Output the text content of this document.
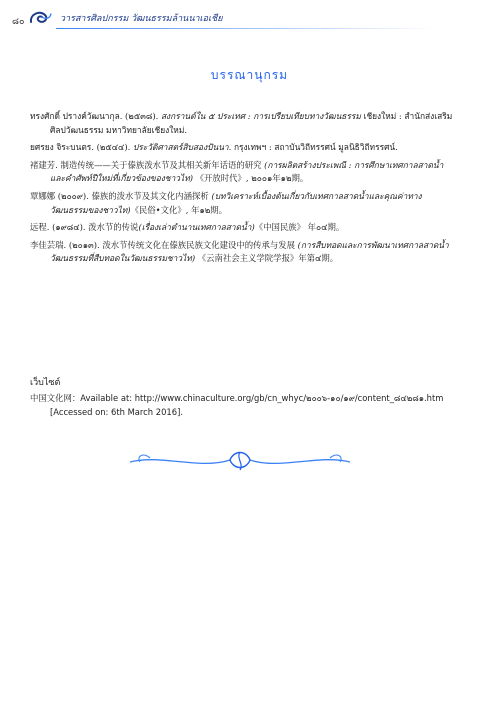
๘๐	วารสารศิลปกรรม วัฒนธรรมล้านนาเอเชีย
บรรณานุกรม
ทรงศักดิ์ ปรางค์วัฒนากุล. (๒๕๓๘). สงกรานต์ใน ๕ ประเทศ : การเปรียบเทียบทางวัฒนธรรม เชียงใหม่ : สำนักส่งเสริมศิลปวัฒนธรรม มหาวิทยาลัยเชียงใหม่.
ยศรยง จิระบนตร. (๒๕๔๔). ประวัติศาสตร์สิบสองปันนา. กรุงเทพฯ : สถาบันวิถีทรรศน์ มูลนิธิวิถีทรรศน์.
褚建芳. 制造传统——关于傣族泼水节及其相关新年话语的研究 (การผลิตสร้างประเพณี : การศึกษาเทศกาลสาดน้ำและคำศัพท์ปีใหม่ที่เกี่ยวข้องของชาวไท) 《开放时代》, ๒๐๐๑年๑๒期。
覃娜娜 (๒๐๐๙). 傣族的泼水节及其文化内涵探析 (บทวิเคราะห์เบื้องต้นเกี่ยวกับเทศกาลสาดน้ำและคุณค่าทางวัฒนธรรมของชาวไท)《民俗•文化》, 年๑๒期。
远程. (๑๙๘๔). 泼水节的传说(เรื่องเล่าตำนานเทศกาลสาดน้ำ)《中国民族》 年๐๔期。
李佳芸瑞. (๒๐๑๓). 泼水节传统文化在傣族民族文化建设中的传承与发展 (การสืบทอดและการพัฒนาเทศกาลสาดน้ำวัฒนธรรมที่สืบทอดในวัฒนธรรมชาวไท) 《云南社会主义学院学报》年第๔期。
เว็บไซต์
中国文化网：Available at: http://www.chinaculture.org/gb/cn_whyc/๒๐๐๖-๑๐/๑๙/content_๘๔๒๘๑.htm [Accessed on: 6th March 2016].
